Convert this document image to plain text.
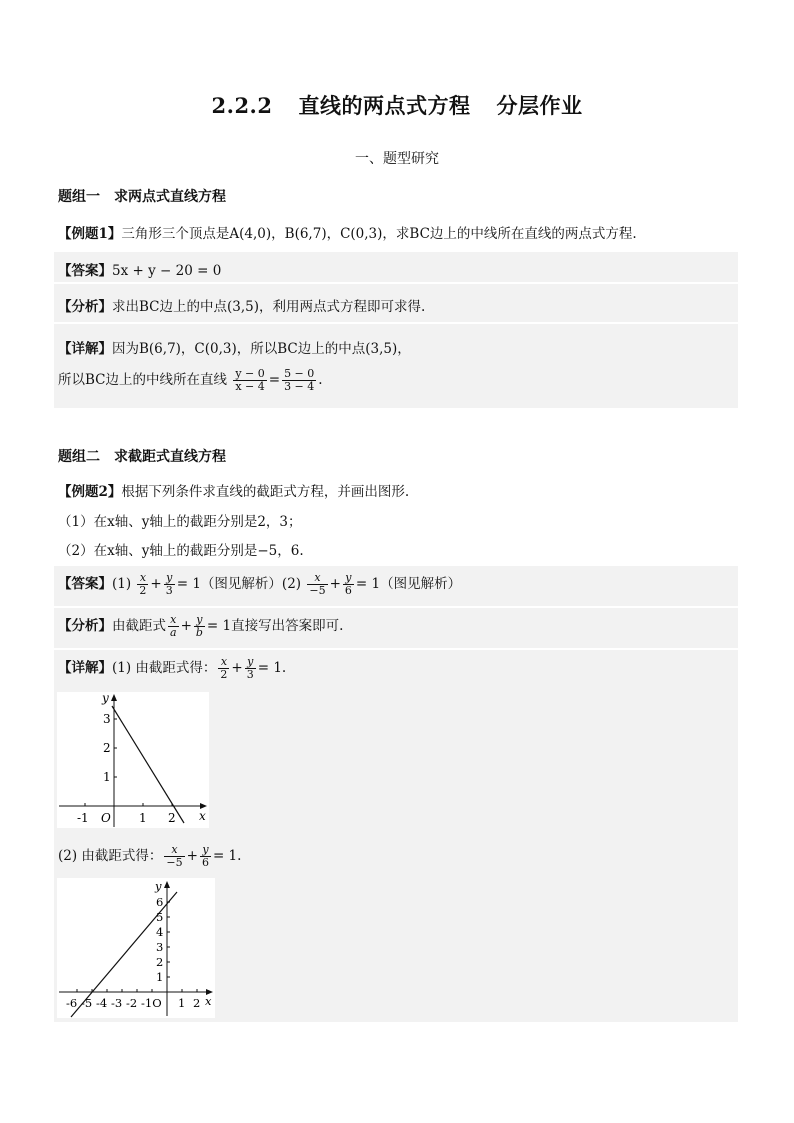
2.2.2 直线的两点式方程 分层作业
一、题型研究
题组一　求两点式直线方程
【例题1】三角形三个顶点是A(4,0)，B(6,7)，C(0,3)，求BC边上的中线所在直线的两点式方程.
【答案】5x + y − 20 = 0
【分析】求出BC边上的中点(3,5)，利用两点式方程即可求得.
【详解】因为B(6,7)，C(0,3)，所以BC边上的中点(3,5)，
所以BC边上的中线所在直线 $\frac{y - 0}{x - 4} = \frac{5 - 0}{3 - 4}$ .
题组二　求截距式直线方程
【例题2】根据下列条件求直线的截距式方程，并画出图形.
（1）在x轴、y轴上的截距分别是2，3；
（2）在x轴、y轴上的截距分别是−5，6.
【答案】$(1) \frac{x}{2} + \frac{y}{3} = 1$（图见解析）$(2) \frac{x}{-5} + \frac{y}{6} = 1$（图见解析）
【分析】由截距式 $\frac{x}{a} + \frac{y}{b} = 1$直接写出答案即可.
【详解】(1) 由截距式得： $\frac{x}{2} + \frac{y}{3} = 1$.
-1	1 2
O	x
1
2
3
y
(2) 由截距式得： $\frac{x}{-5} + \frac{y}{6} = 1$.
-6 -5 -4 -3 -2 -1O 1 2 x
1
2
3
4
5
6
y
